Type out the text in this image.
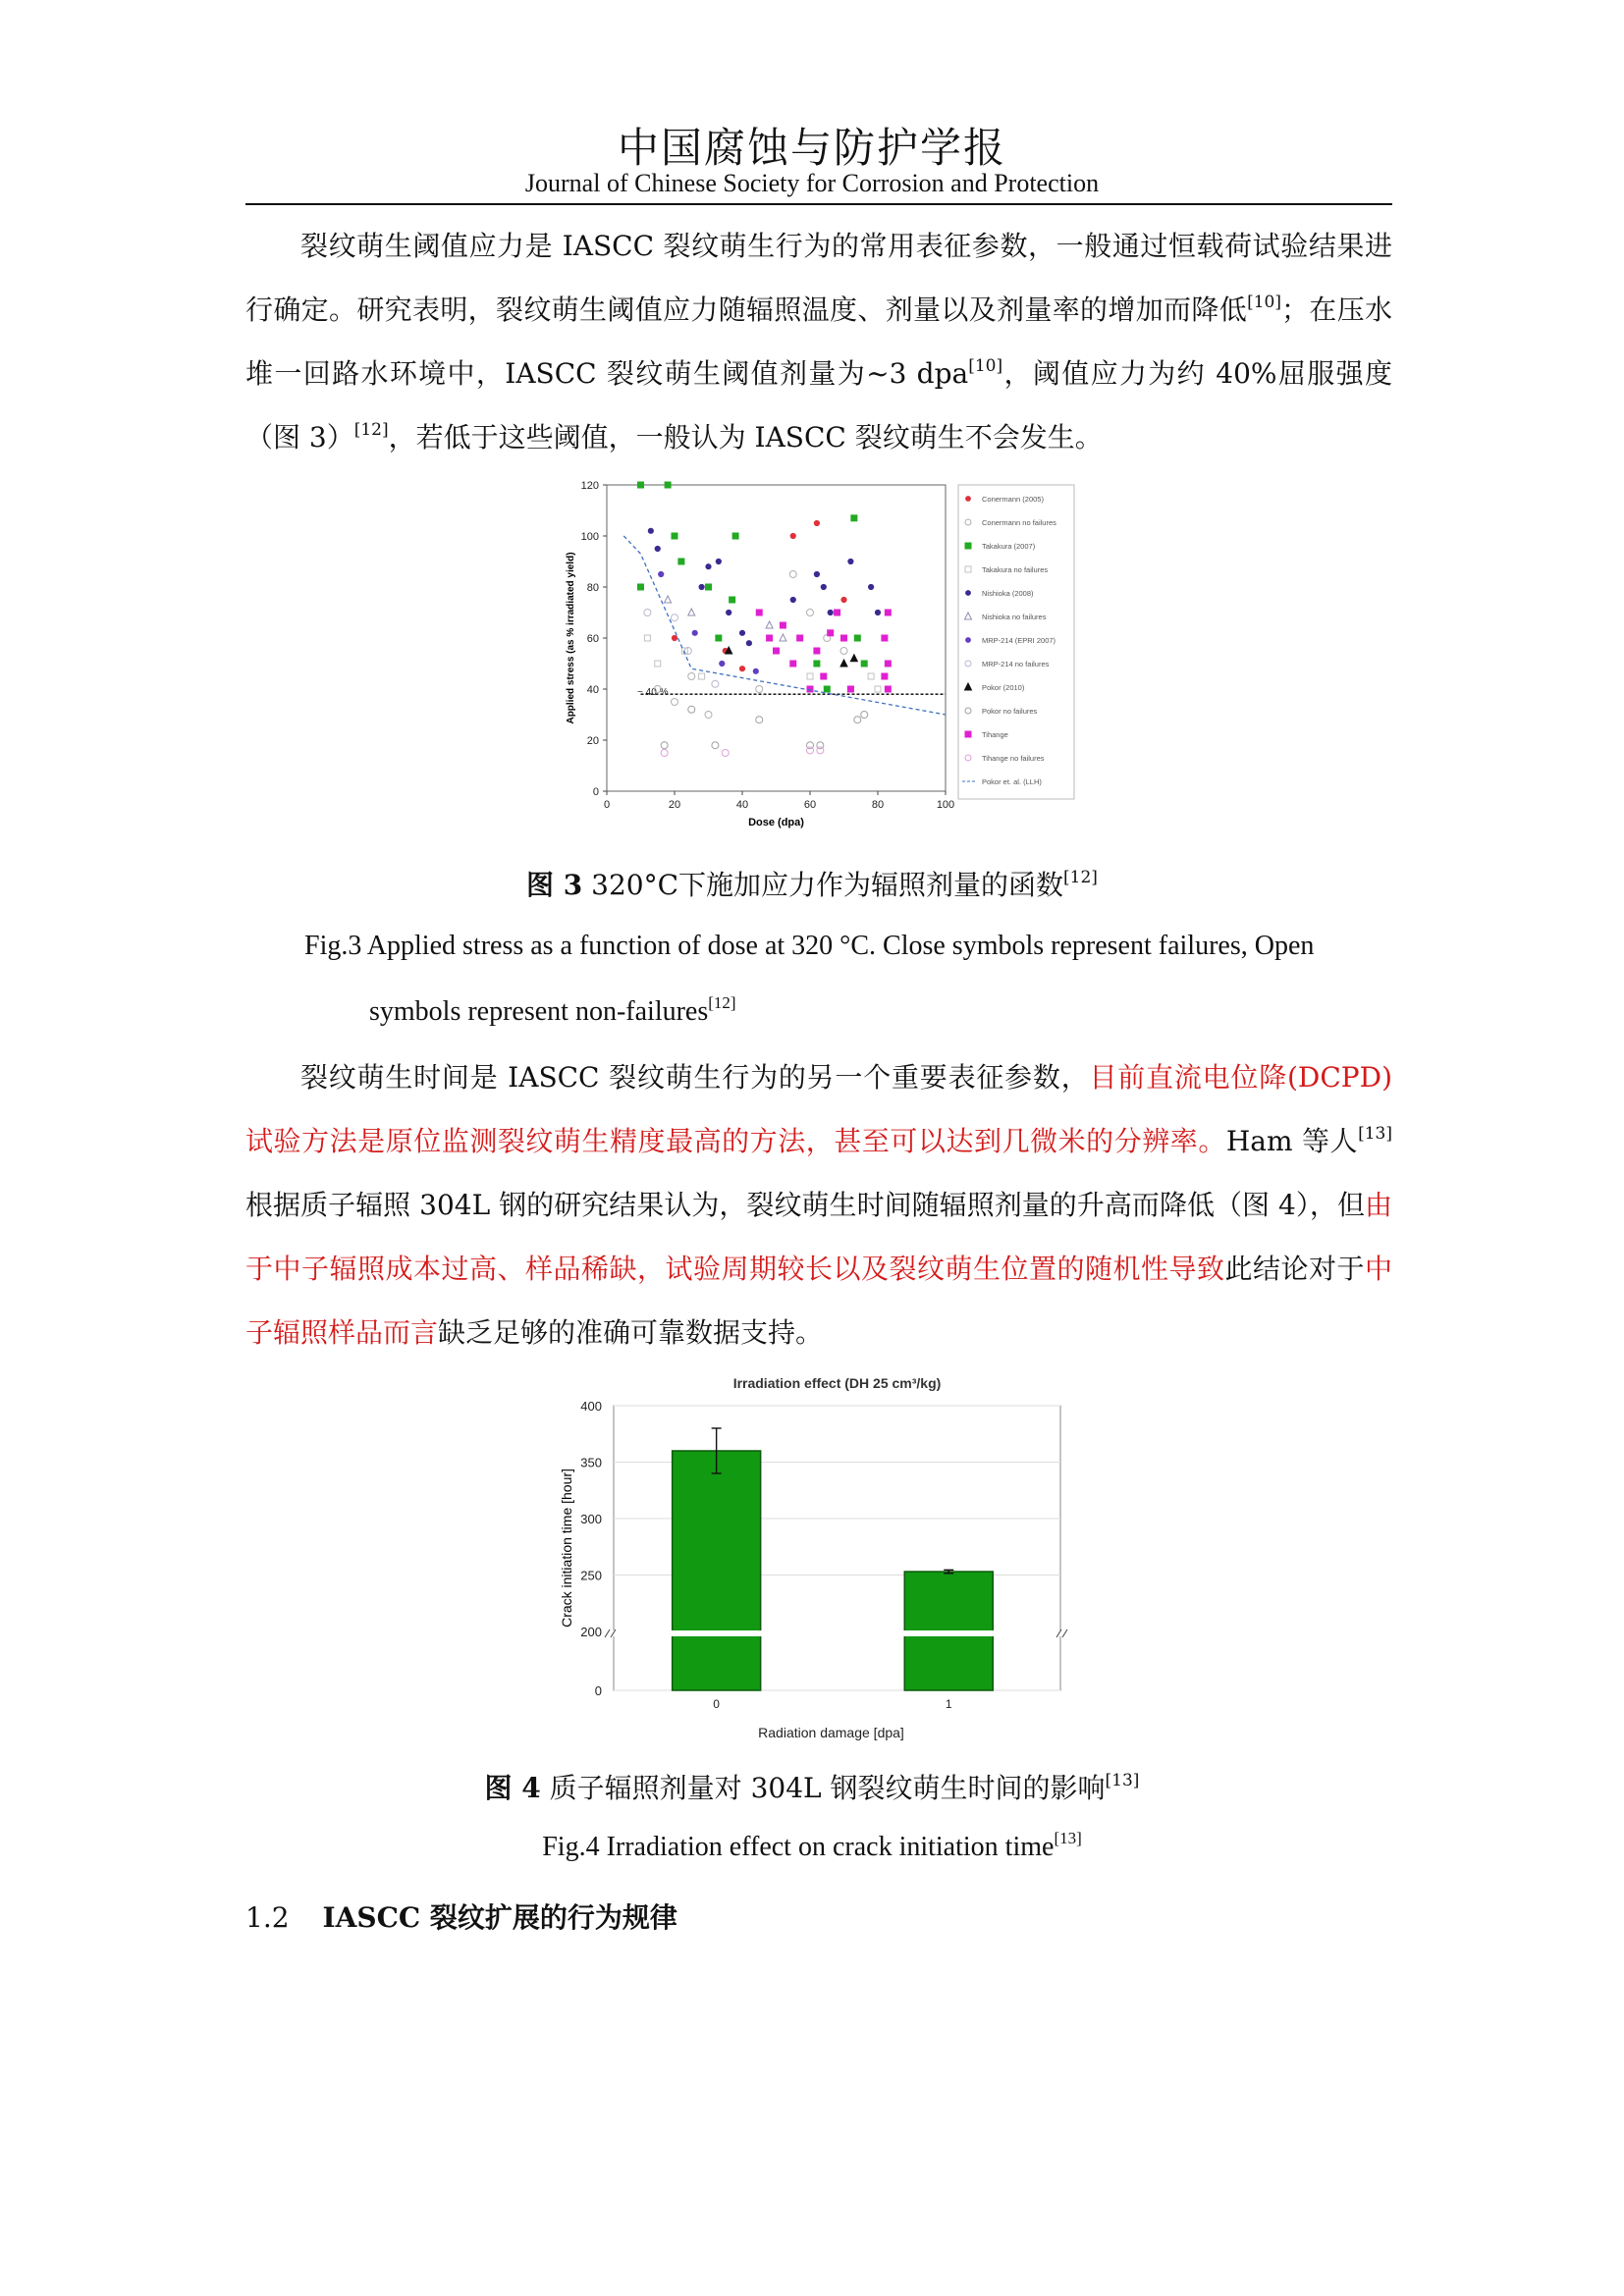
中国腐蚀与防护学报
Journal of Chinese Society for Corrosion and Protection
裂纹萌生阈值应力是 IASCC 裂纹萌生行为的常用表征参数，一般通过恒载荷试验结果进行确定。研究表明，裂纹萌生阈值应力随辐照温度、剂量以及剂量率的增加而降低[10]；在压水堆一回路水环境中，IASCC 裂纹萌生阈值剂量为~3 dpa[10]，阈值应力为约 40%屈服强度（图 3）[12]，若低于这些阈值，一般认为 IASCC 裂纹萌生不会发生。
0	20	40	60	80	100
0
20
40
60
80
100
120
Dose (dpa)
Applied stress (as % irradiated yield)	~ 40 %
Conermann (2005)
Conermann no failures
Takakura (2007)
Takakura no failures
Nishioka (2008)
Nishioka no failures
MRP-214 (EPRI 2007)
MRP-214 no failures
Pokor (2010)
Pokor no failures
Tihange
Tihange no failures
Pokor et. al. (LLH)
图 3 320°C下施加应力作为辐照剂量的函数[12]
Fig.3 Applied stress as a function of dose at 320 °C. Close symbols represent failures, Open
symbols represent non-failures[12]
裂纹萌生时间是 IASCC 裂纹萌生行为的另一个重要表征参数，目前直流电位降(DCPD)试验方法是原位监测裂纹萌生精度最高的方法，甚至可以达到几微米的分辨率。Ham 等人[13]根据质子辐照 304L 钢的研究结果认为，裂纹萌生时间随辐照剂量的升高而降低（图 4），但由于中子辐照成本过高、样品稀缺，试验周期较长以及裂纹萌生位置的随机性导致此结论对于中子辐照样品而言缺乏足够的准确可靠数据支持。
Irradiation effect (DH 25 cm³/kg)
0
200
250
300
350
400
Crack initiation time [hour]
0	1
Radiation damage [dpa]
图 4 质子辐照剂量对 304L 钢裂纹萌生时间的影响[13]
Fig.4 Irradiation effect on crack initiation time[13]
1.2 IASCC 裂纹扩展的行为规律
